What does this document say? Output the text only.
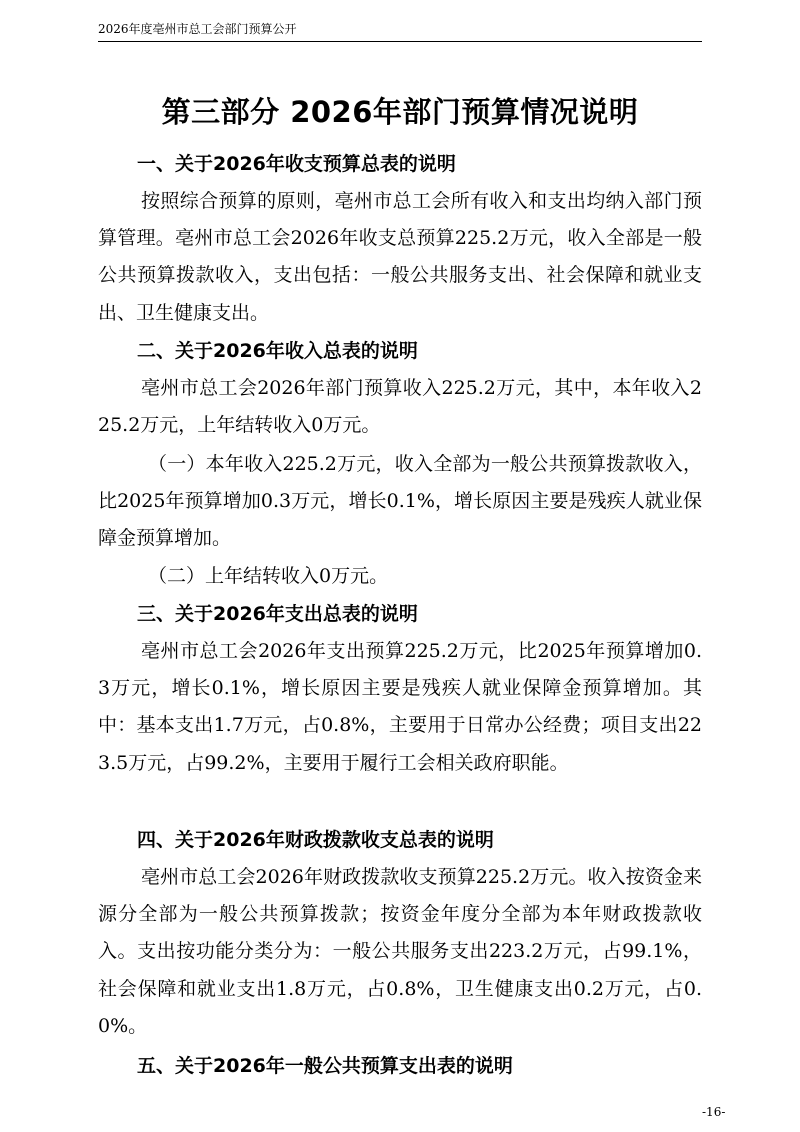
2026年度亳州市总工会部门预算公开
第三部分 2026年部门预算情况说明
一、关于2026年收支预算总表的说明
按照综合预算的原则，亳州市总工会所有收入和支出均纳入部门预算管理。亳州市总工会2026年收支总预算225.2万元，收入全部是一般公共预算拨款收入，支出包括：一般公共服务支出、社会保障和就业支出、卫生健康支出。
二、关于2026年收入总表的说明
亳州市总工会2026年部门预算收入225.2万元，其中，本年收入225.2万元，上年结转收入0万元。
（一）本年收入225.2万元，收入全部为一般公共预算拨款收入，比2025年预算增加0.3万元，增长0.1%，增长原因主要是残疾人就业保障金预算增加。
（二）上年结转收入0万元。
三、关于2026年支出总表的说明
亳州市总工会2026年支出预算225.2万元，比2025年预算增加0.3万元，增长0.1%，增长原因主要是残疾人就业保障金预算增加。其中：基本支出1.7万元，占0.8%，主要用于日常办公经费；项目支出223.5万元，占99.2%，主要用于履行工会相关政府职能。
四、关于2026年财政拨款收支总表的说明
亳州市总工会2026年财政拨款收支预算225.2万元。收入按资金来源分全部为一般公共预算拨款；按资金年度分全部为本年财政拨款收入。支出按功能分类分为：一般公共服务支出223.2万元，占99.1%，社会保障和就业支出1.8万元，占0.8%，卫生健康支出0.2万元，占0.0%。
五、关于2026年一般公共预算支出表的说明
-16-
